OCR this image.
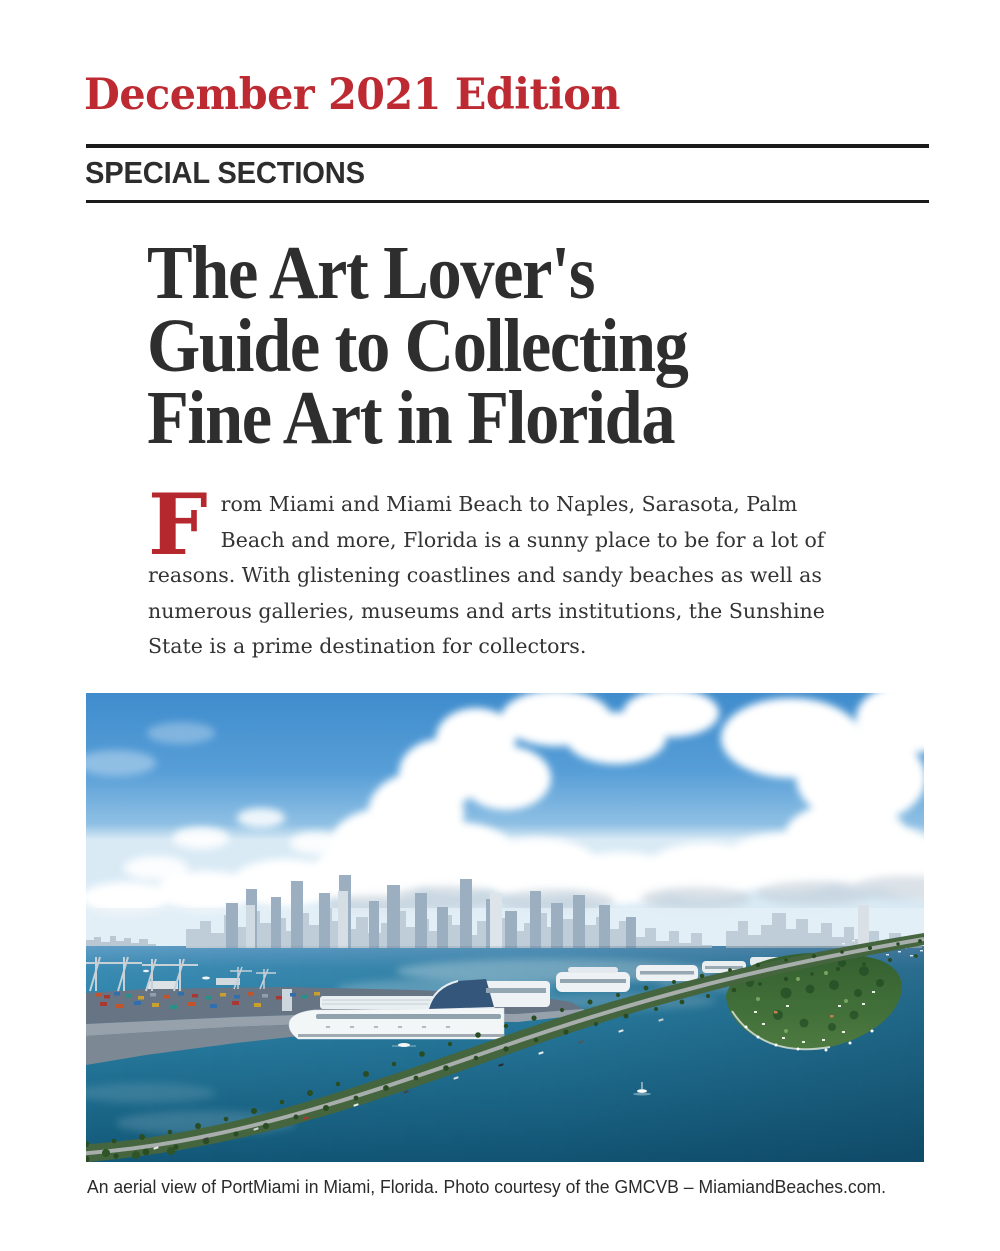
December 2021 Edition
SPECIAL SECTIONS
The Art Lover's
Guide to Collecting
Fine Art in Florida

From Miami and Miami Beach to Naples, Sarasota, Palm Beach and more, Florida is a sunny place to be for a lot of reasons. With glistening coastlines and sandy beaches as well as numerous galleries, museums and arts institutions, the Sunshine State is a prime destination for collectors.

An aerial view of PortMiami in Miami, Florida. Photo courtesy of the GMCVB – MiamiandBeaches.com.
